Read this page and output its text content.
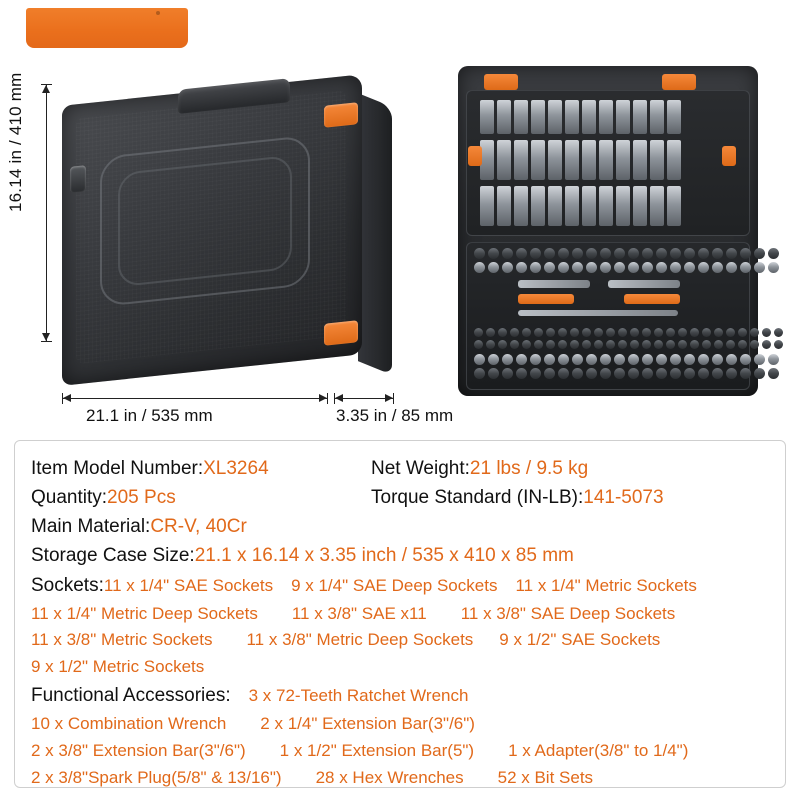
16.14 in / 410 mm
21.1 in / 535 mm	3.35 in / 85 mm
Item Model Number: XL3264	Net Weight: 21 lbs / 9.5 kg
Quantity: 205 Pcs	Torque Standard (IN-LB): 141-5073
Main Material: CR-V, 40Cr
Storage Case Size: 21.1 x 16.14 x 3.35 inch / 535 x 410 x 85 mm
Sockets:11 x 1/4" SAE Sockets 9 x 1/4" SAE Deep Sockets 11 x 1/4" Metric Sockets
11 x 1/4" Metric Deep Sockets 11 x 3/8" SAE x11 11 x 3/8" SAE Deep Sockets
11 x 3/8" Metric Sockets 11 x 3/8" Metric Deep Sockets 9 x 1/2" SAE Sockets
9 x 1/2" Metric Sockets
Functional Accessories: 3 x 72-Teeth Ratchet Wrench
10 x Combination Wrench 2 x 1/4" Extension Bar(3"/6")
2 x 3/8" Extension Bar(3"/6") 1 x 1/2" Extension Bar(5") 1 x Adapter(3/8" to 1/4")
2 x 3/8"Spark Plug(5/8" & 13/16") 28 x Hex Wrenches 52 x Bit Sets
